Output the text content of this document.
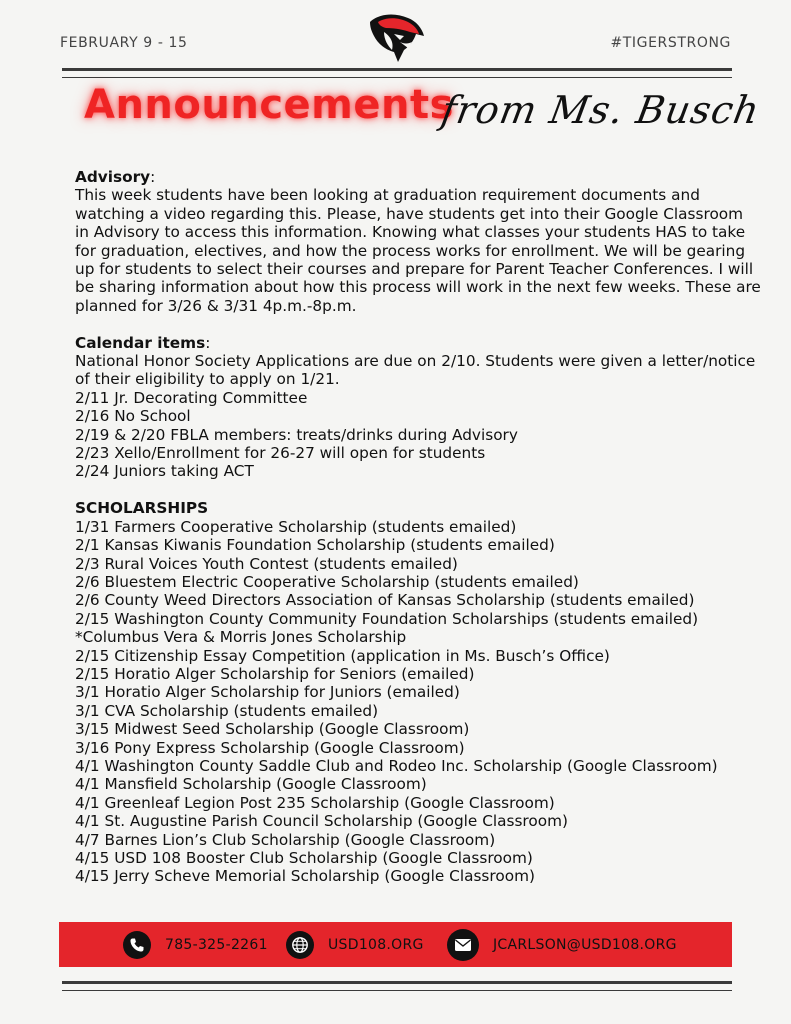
FEBRUARY 9 - 15	#TIGERSTRONG
Announcements
from Ms. Busch

Advisory:

This week students have been looking at graduation requirement documents and

watching a video regarding this. Please, have students get into their Google Classroom

in Advisory to access this information. Knowing what classes your students HAS to take

for graduation, electives, and how the process works for enrollment. We will be gearing

up for students to select their courses and prepare for Parent Teacher Conferences. I will

be sharing information about how this process will work in the next few weeks. These are

planned for 3/26 & 3/31 4p.m.-8p.m.

Calendar items:

National Honor Society Applications are due on 2/10. Students were given a letter/notice

of their eligibility to apply on 1/21.

2/11 Jr. Decorating Committee

2/16 No School

2/19 & 2/20 FBLA members: treats/drinks during Advisory

2/23 Xello/Enrollment for 26-27 will open for students

2/24 Juniors taking ACT

SCHOLARSHIPS

1/31 Farmers Cooperative Scholarship (students emailed)

2/1 Kansas Kiwanis Foundation Scholarship (students emailed)

2/3 Rural Voices Youth Contest (students emailed)

2/6 Bluestem Electric Cooperative Scholarship (students emailed)

2/6 County Weed Directors Association of Kansas Scholarship (students emailed)

2/15 Washington County Community Foundation Scholarships (students emailed)

*Columbus Vera & Morris Jones Scholarship

2/15 Citizenship Essay Competition (application in Ms. Busch’s Office)

2/15 Horatio Alger Scholarship for Seniors (emailed)

3/1 Horatio Alger Scholarship for Juniors (emailed)

3/1 CVA Scholarship (students emailed)

3/15 Midwest Seed Scholarship (Google Classroom)

3/16 Pony Express Scholarship (Google Classroom)

4/1 Washington County Saddle Club and Rodeo Inc. Scholarship (Google Classroom)

4/1 Mansfield Scholarship (Google Classroom)

4/1 Greenleaf Legion Post 235 Scholarship (Google Classroom)

4/1 St. Augustine Parish Council Scholarship (Google Classroom)

4/7 Barnes Lion’s Club Scholarship (Google Classroom)

4/15 USD 108 Booster Club Scholarship (Google Classroom)

4/15 Jerry Scheve Memorial Scholarship (Google Classroom)

785-325-2261	USD108.ORG	JCARLSON@USD108.ORG
